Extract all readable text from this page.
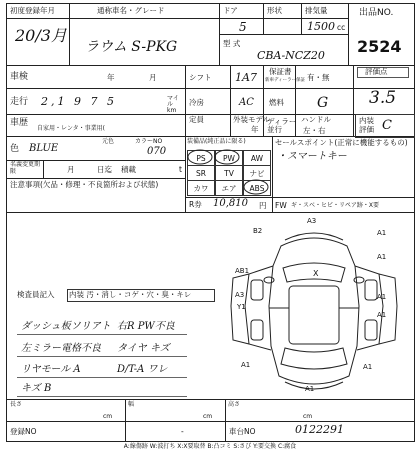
初度登録年月
20/3月
通称車名・グレード
ラウム S-PKG
ドア
5
形状	排気量
1500 cc
型 式
CBA-NCZ20
出品NO.
2524
車検	年	月	シフト 1A7 保証書
新車ディーラー保証 有・無
評価点
3.5
走行 2,1 9 7 5	マイル km
冷房	AC 燃料 G
車歴
自家用・レンタ・事業用(
定員	外装モデル
年
ディラー並行
ハンドル
左・右
内装
評価 C
色 BLUE
元色	カラーNO
070
装備品(純正品に限る)	セールスポイント(正常に機能するもの)
・スマートキー
PS	PW	AW
SR	TV	ナビ
カワ	エア	ABS
名義変更期限	月	日迄 積載	t
注意事項(欠品・修理・不良箇所および状態)
R券 10,810 円 FW ギ・スベ・ヒビ・リペア跡・X要
検査員記入 内装 汚・消し・コゲ・穴・臭・キレ
ダッシュ板ソリアト 右R PW不良
左ミラー電格不良 タイヤ キズ
リヤモール A	D/T-A ワレ
キズ B
A3
B2	A1
A1
AB1	X
A1
A3
Y1
A1
A1	A1
A1
長さ
cm
幅
cm
高さ
cm
登録NO	-	車台NO	0122291
A:線傷跡 W:波打ち X:X要取替 B:凸コミ S:さび Y:要交換 C:腐食
